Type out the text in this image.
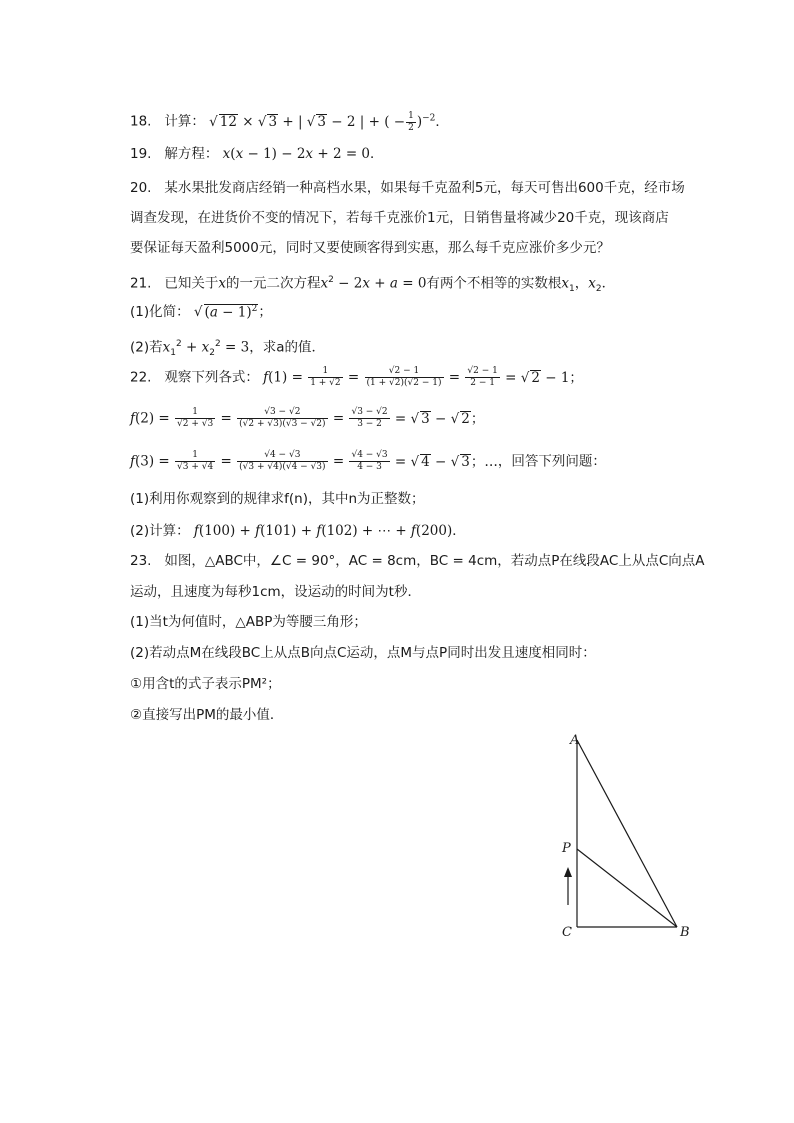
18. 计算： √ 12 × √ 3 + | √ 3 − 2 | + ( − $\frac{1}{2} )^{-2}$．
19. 解方程： x(x − 1) − 2x + 2 = 0．
20. 某水果批发商店经销一种高档水果，如果每千克盈利5元，每天可售出600千克，经市场
调查发现，在进货价不变的情况下，若每千克涨价1元，日销售量将减少20千克，现该商店
要保证每天盈利5000元，同时又要使顾客得到实惠，那么每千克应涨价多少元？
21.   已知关于x的一元二次方程$x^2 - 2x + a = 0$有两个不相等的实数根$x_1$，$x_2$．
(1)化简： √ $(a - 1)^2$；
(2)若$x_1^2 + x_2^2 = 3$，求a的值．
22. 观察下列各式： $f(1) = \frac{1}{1 + √2} = \frac{√2 - 1}{(1 + √2)(√2 - 1)} = \frac{√2 - 1}{2 - 1}$ = √ 2 − 1；
$f(2) = \frac{1}{√2 + √3} = \frac{√3 - √2}{(√2 + √3)(√3 - √2)} = \frac{√3 - √2}{3 - 2}$ = √ 3 − √ 2；
$f(3) = \frac{1}{√3 + √4} = \frac{√4 - √3}{(√3 + √4)(√4 - √3)} = \frac{√4 - √3}{4 - 3}$ = √ 4 − √ 3；…，回答下列问题：
(1)利用你观察到的规律求f(n)，其中n为正整数；
(2)计算： f(100) + f(101) + f(102) + ⋯ + f(200)．
23. 如图，△ABC中，∠C = 90°，AC = 8cm，BC = 4cm，若动点P在线段AC上从点C向点A
运动，且速度为每秒1cm，设运动的时间为t秒．
(1)当t为何值时，△ABP为等腰三角形；
(2)若动点M在线段BC上从点B向点C运动，点M与点P同时出发且速度相同时：
①用含t的式子表示PM²；
②直接写出PM的最小值．
A
P
C	B
